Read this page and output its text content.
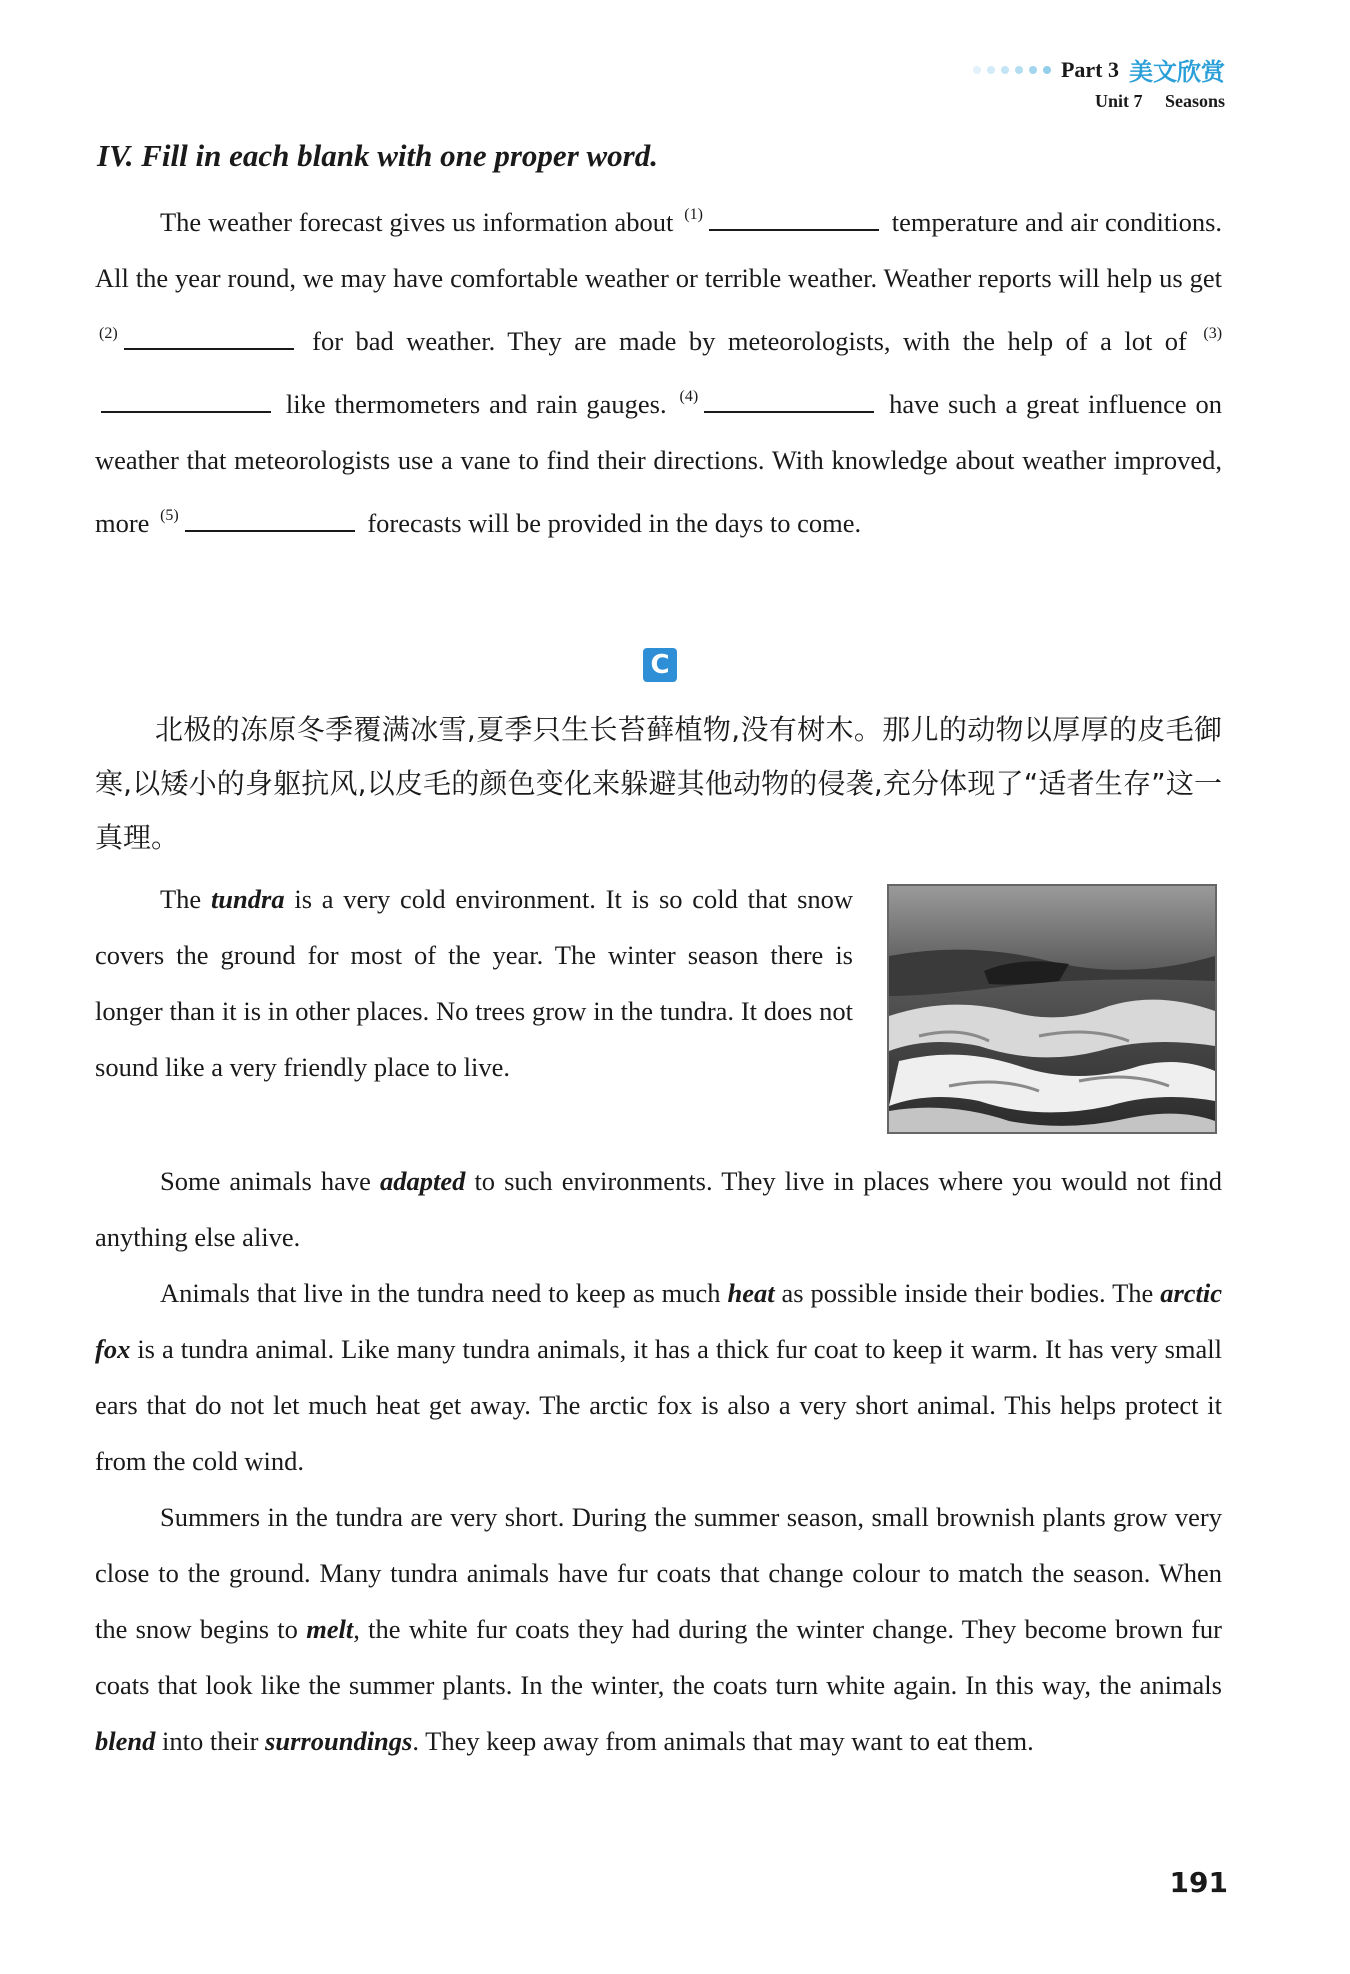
Part 3 美文欣赏
Unit 7 Seasons
IV. Fill in each blank with one proper word.

The weather forecast gives us information about $^{(1)}$	temperature and air conditions. All the year round, we may have comfortable weather or terrible weather. Weather reports will help us get $^{(2)}$	for bad weather. They are made by meteorologists, with the help of a lot of $^{(3)}$ like thermometers and rain gauges. $^{(4)}$	have such a great influence on weather that meteorologists use a vane to find their directions. With knowledge about weather improved, more $^{(5)}$	forecasts will be provided in the days to come.

C

北极的冻原冬季覆满冰雪,夏季只生长苔藓植物,没有树木。那儿的动物以厚厚的皮毛御寒,以矮小的身躯抗风,以皮毛的颜色变化来躲避其他动物的侵袭,充分体现了“适者生存”这一真理。

The tundra is a very cold environment. It is so cold that snow covers the ground for most of the year. The winter season there is longer than it is in other places. No trees grow in the tundra. It does not sound like a very friendly place to live.

Some animals have adapted to such environments. They live in places where you would not find anything else alive.

Animals that live in the tundra need to keep as much heat as possible inside their bodies. The arctic fox is a tundra animal. Like many tundra animals, it has a thick fur coat to keep it warm. It has very small ears that do not let much heat get away. The arctic fox is also a very short animal. This helps protect it from the cold wind.

Summers in the tundra are very short. During the summer season, small brownish plants grow very close to the ground. Many tundra animals have fur coats that change colour to match the season. When the snow begins to melt, the white fur coats they had during the winter change. They become brown fur coats that look like the summer plants. In the winter, the coats turn white again. In this way, the animals blend into their surroundings. They keep away from animals that may want to eat them.

191
